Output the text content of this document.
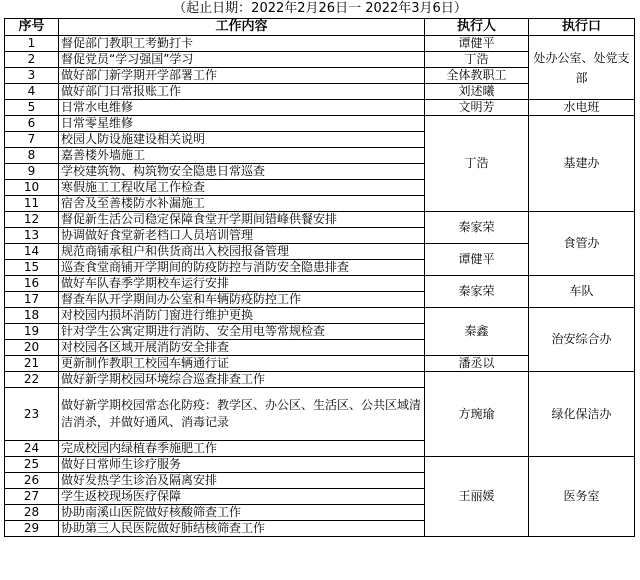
（起止日期：2022年2月26日一 2022年3月6日）
序号	工作内容	执行人	执行口
1	督促部门教职工考勤打卡	谭健平	处办公室、处党支部
2	督促党员“学习强国”学习	丁浩	
3	做好部门新学期开学部署工作	全体教职工	
4	做好部门日常报账工作	刘述曦	
5	日常水电维修	文明芳	水电班
6	日常零星维修	丁浩	基建办
7	校园人防设施建设相关说明		
8	嘉善楼外墙施工		
9	学校建筑物、构筑物安全隐患日常巡查		
10	寒假施工工程收尾工作检查		
11	宿舍及至善楼防水补漏施工		
12	督促新生活公司稳定保障食堂开学期间错峰供餐安排	秦家荣	食管办
13	协调做好食堂新老档口人员培训管理		
14	规范商铺承租户和供货商出入校园报备管理	谭健平	
15	巡查食堂商铺开学期间的防疫防控与消防安全隐患排查		
16	做好车队春季学期校车运行安排	秦家荣	车队
17	督查车队开学期间办公室和车辆防疫防控工作		
18	对校园内损坏消防门窗进行维护更换	秦鑫	治安综合办
19	针对学生公寓定期进行消防、安全用电等常规检查		
20	对校园各区域开展消防安全排查		
21	更新制作教职工校园车辆通行证	潘丞以	
22	做好新学期校园环境综合巡查排查工作	方琬瑜	绿化保洁办
23	做好新学期校园常态化防疫：教学区、办公区、生活区、公共区域清洁消杀，并做好通风、消毒记录		
24	完成校园内绿植春季施肥工作		
25	做好日常师生诊疗服务	王丽媛	医务室
26	做好发热学生诊治及隔离安排		
27	学生返校现场医疗保障		
28	协助南溪山医院做好核酸筛查工作		
29	协助第三人民医院做好肺结核筛查工作		
